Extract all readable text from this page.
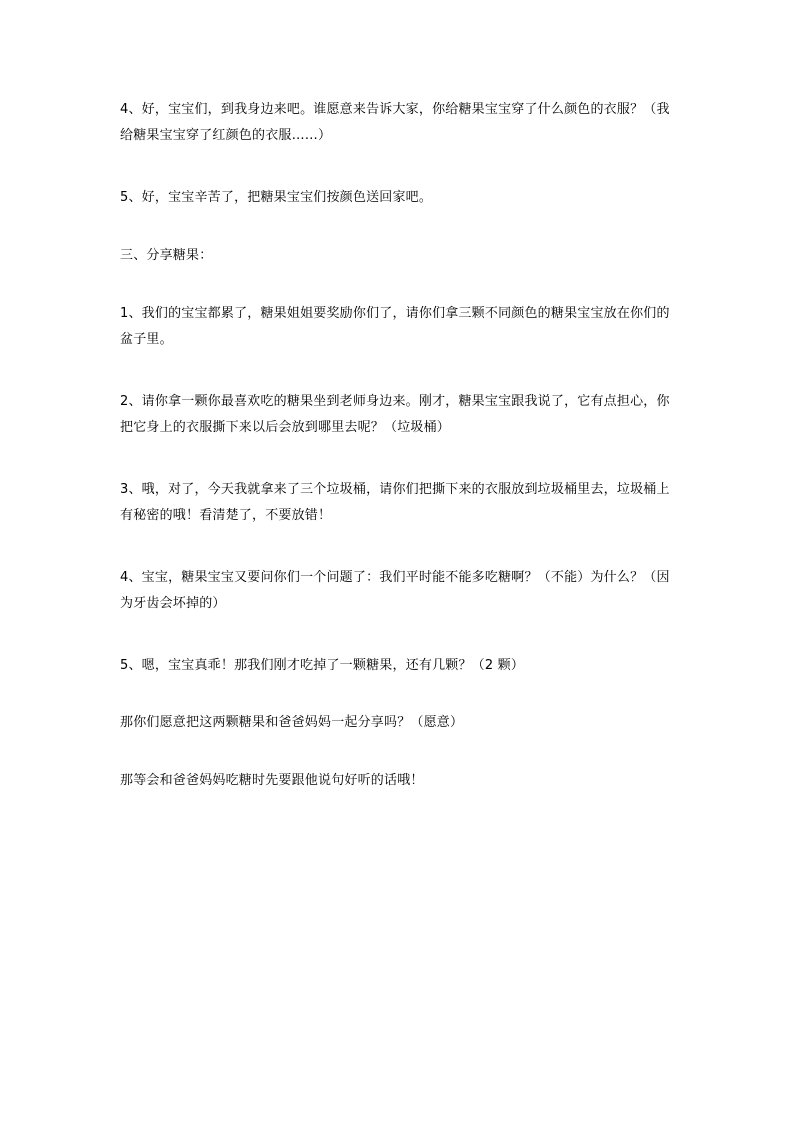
4、好，宝宝们，到我身边来吧。谁愿意来告诉大家，你给糖果宝宝穿了什么颜色的衣服？（我
给糖果宝宝穿了红颜色的衣服……）

5、好，宝宝辛苦了，把糖果宝宝们按颜色送回家吧。

三、分享糖果：

1、我们的宝宝都累了，糖果姐姐要奖励你们了，请你们拿三颗不同颜色的糖果宝宝放在你们的
盆子里。

2、请你拿一颗你最喜欢吃的糖果坐到老师身边来。刚才，糖果宝宝跟我说了，它有点担心，你
把它身上的衣服撕下来以后会放到哪里去呢？（垃圾桶）

3、哦，对了，今天我就拿来了三个垃圾桶，请你们把撕下来的衣服放到垃圾桶里去，垃圾桶上
有秘密的哦！看清楚了，不要放错！

4、宝宝，糖果宝宝又要问你们一个问题了：我们平时能不能多吃糖啊？（不能）为什么？（因
为牙齿会坏掉的）

5、嗯，宝宝真乖！那我们刚才吃掉了一颗糖果，还有几颗？（2 颗）

那你们愿意把这两颗糖果和爸爸妈妈一起分享吗？（愿意）

那等会和爸爸妈妈吃糖时先要跟他说句好听的话哦！
